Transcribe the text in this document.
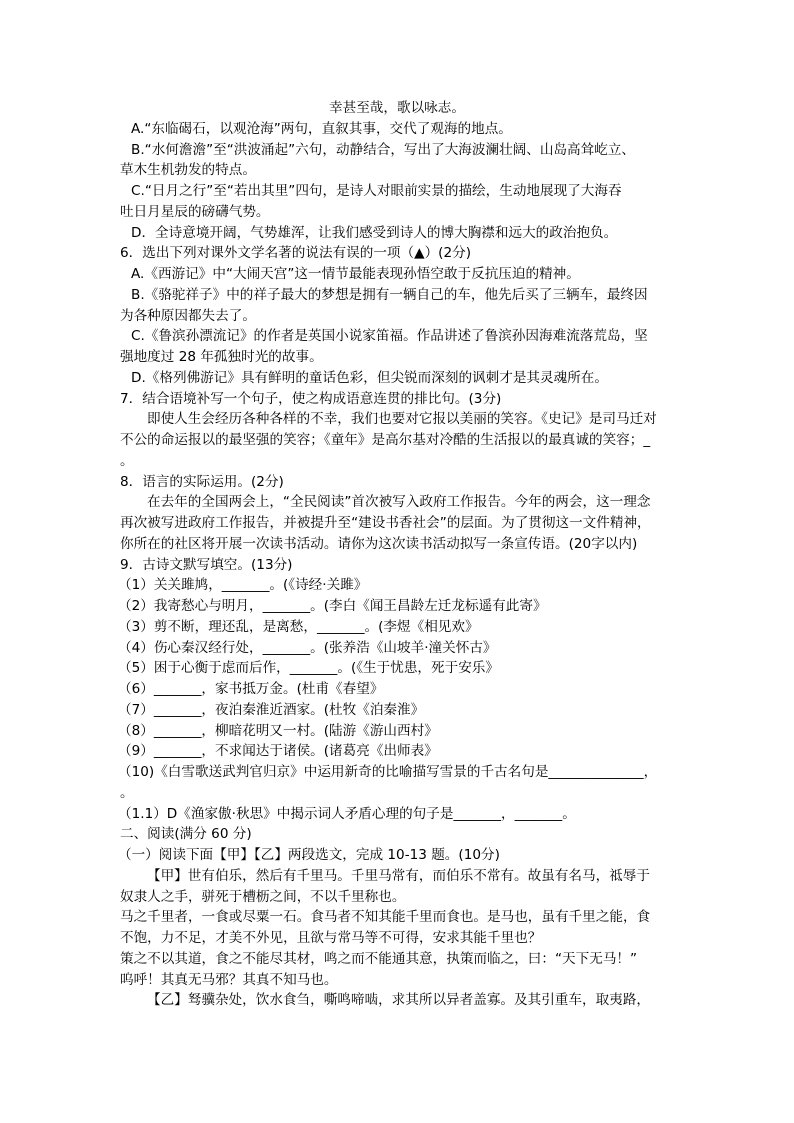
幸甚至哉，歌以咏志。
A.“东临碣石，以观沧海”两句，直叙其事，交代了观海的地点。
B.“水何澹澹”至“洪波涌起”六句，动静结合，写出了大海波澜壮阔、山岛高耸屹立、
草木生机勃发的特点。
C.“日月之行”至“若出其里”四句，是诗人对眼前实景的描绘，生动地展现了大海吞
吐日月星辰的磅礴气势。
D．全诗意境开阔，气势雄浑，让我们感受到诗人的博大胸襟和远大的政治抱负。
6．选出下列对课外文学名著的说法有误的一项（▲）(2分)
A.《西游记》中“大闹天宫”这一情节最能表现孙悟空敢于反抗压迫的精神。
B.《骆驼祥子》中的祥子最大的梦想是拥有一辆自己的车，他先后买了三辆车，最终因
为各种原因都失去了。
C.《鲁滨孙漂流记》的作者是英国小说家笛福。作品讲述了鲁滨孙因海难流落荒岛，坚
强地度过 28 年孤独时光的故事。
D.《格列佛游记》具有鲜明的童话色彩，但尖锐而深刻的讽刺才是其灵魂所在。
7．结合语境补写一个句子，使之构成语意连贯的排比句。(3分)
即使人生会经历各种各样的不幸，我们也要对它报以美丽的笑容。《史记》是司马迁对
不公的命运报以的最坚强的笑容；《童年》是高尔基对冷酷的生活报以的最真诚的笑容；_
。
8．语言的实际运用。(2分)
在去年的全国两会上，“全民阅读”首次被写入政府工作报告。今年的两会，这一理念
再次被写进政府工作报告，并被提升至“建设书香社会”的层面。为了贯彻这一文件精神，
你所在的社区将开展一次读书活动。请你为这次读书活动拟写一条宣传语。(20字以内)
9．古诗文默写填空。(13分)
（1）关关雎鸠，_______。(《诗经·关雎》
（2）我寄愁心与明月，_______。(李白《闻王昌龄左迁龙标遥有此寄》
（3）剪不断，理还乱，是离愁，_______。(李煜《相见欢》
（4）伤心秦汉经行处，_______。(张养浩《山坡羊·潼关怀古》
（5）困于心衡于虑而后作，_______。(《生于忧患，死于安乐》
（6）_______，家书抵万金。(杜甫《春望》
（7）_______，夜泊秦淮近酒家。(杜牧《泊秦淮》
（8）_______，柳暗花明又一村。(陆游《游山西村》
（9）_______，不求闻达于诸侯。(诸葛亮《出师表》
（10)《白雪歌送武判官归京》中运用新奇的比喻描写雪景的千古名句是______________，
。
（1.1）D《渔家傲·秋思》中揭示词人矛盾心理的句子是_______，_______。
二、阅读(满分 60 分)
（一）阅读下面【甲】【乙】两段选文，完成 10-13 题。(10分)
【甲】世有伯乐，然后有千里马。千里马常有，而伯乐不常有。故虽有名马，祗辱于
奴隶人之手，骈死于槽枥之间，不以千里称也。
马之千里者，一食或尽粟一石。食马者不知其能千里而食也。是马也，虽有千里之能，食
不饱，力不足，才美不外见，且欲与常马等不可得，安求其能千里也？
策之不以其道，食之不能尽其材，鸣之而不能通其意，执策而临之，曰：“天下无马！”
呜呼！其真无马邪？其真不知马也。
【乙】驽骥杂处，饮水食刍，嘶鸣啼啮，求其所以异者盖寡。及其引重车，取夷路，
